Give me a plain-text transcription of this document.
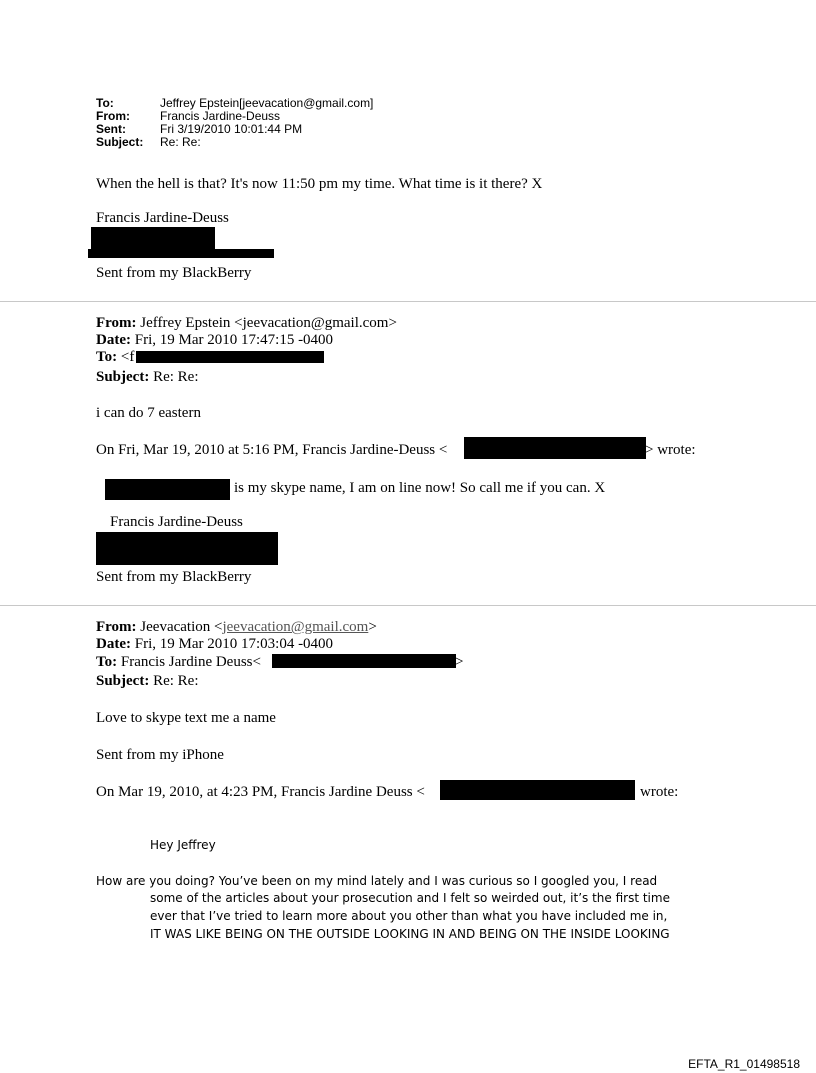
To:	Jeffrey Epstein[jeevacation@gmail.com]
From:	Francis Jardine-Deuss
Sent:	Fri 3/19/2010 10:01:44 PM
Subject: Re: Re:
When the hell is that? It's now 11:50 pm my time. What time is it there? X
Francis Jardine-Deuss
Sent from my BlackBerry
From: Jeffrey Epstein <jeevacation@gmail.com>
Date: Fri, 19 Mar 2010 17:47:15 -0400
To: <f
Subject: Re: Re:
i can do 7 eastern
On Fri, Mar 19, 2010 at 5:16 PM, Francis Jardine-Deuss <	> wrote:
is my skype name, I am on line now! So call me if you can. X
Francis Jardine-Deuss
Sent from my BlackBerry
From: Jeevacation <jeevacation@gmail.com>
Date: Fri, 19 Mar 2010 17:03:04 -0400
To: Francis Jardine Deuss<	>
Subject: Re: Re:
Love to skype text me a name
Sent from my iPhone
On Mar 19, 2010, at 4:23 PM, Francis Jardine Deuss <	wrote:
Hey Jeffrey
How are you doing? You’ve been on my mind lately and I was curious so I googled you, I read
some of the articles about your prosecution and I felt so weirded out, it’s the first time
ever that I’ve tried to learn more about you other than what you have included me in,
IT WAS LIKE BEING ON THE OUTSIDE LOOKING IN AND BEING ON THE INSIDE LOOKING
EFTA_R1_01498518
